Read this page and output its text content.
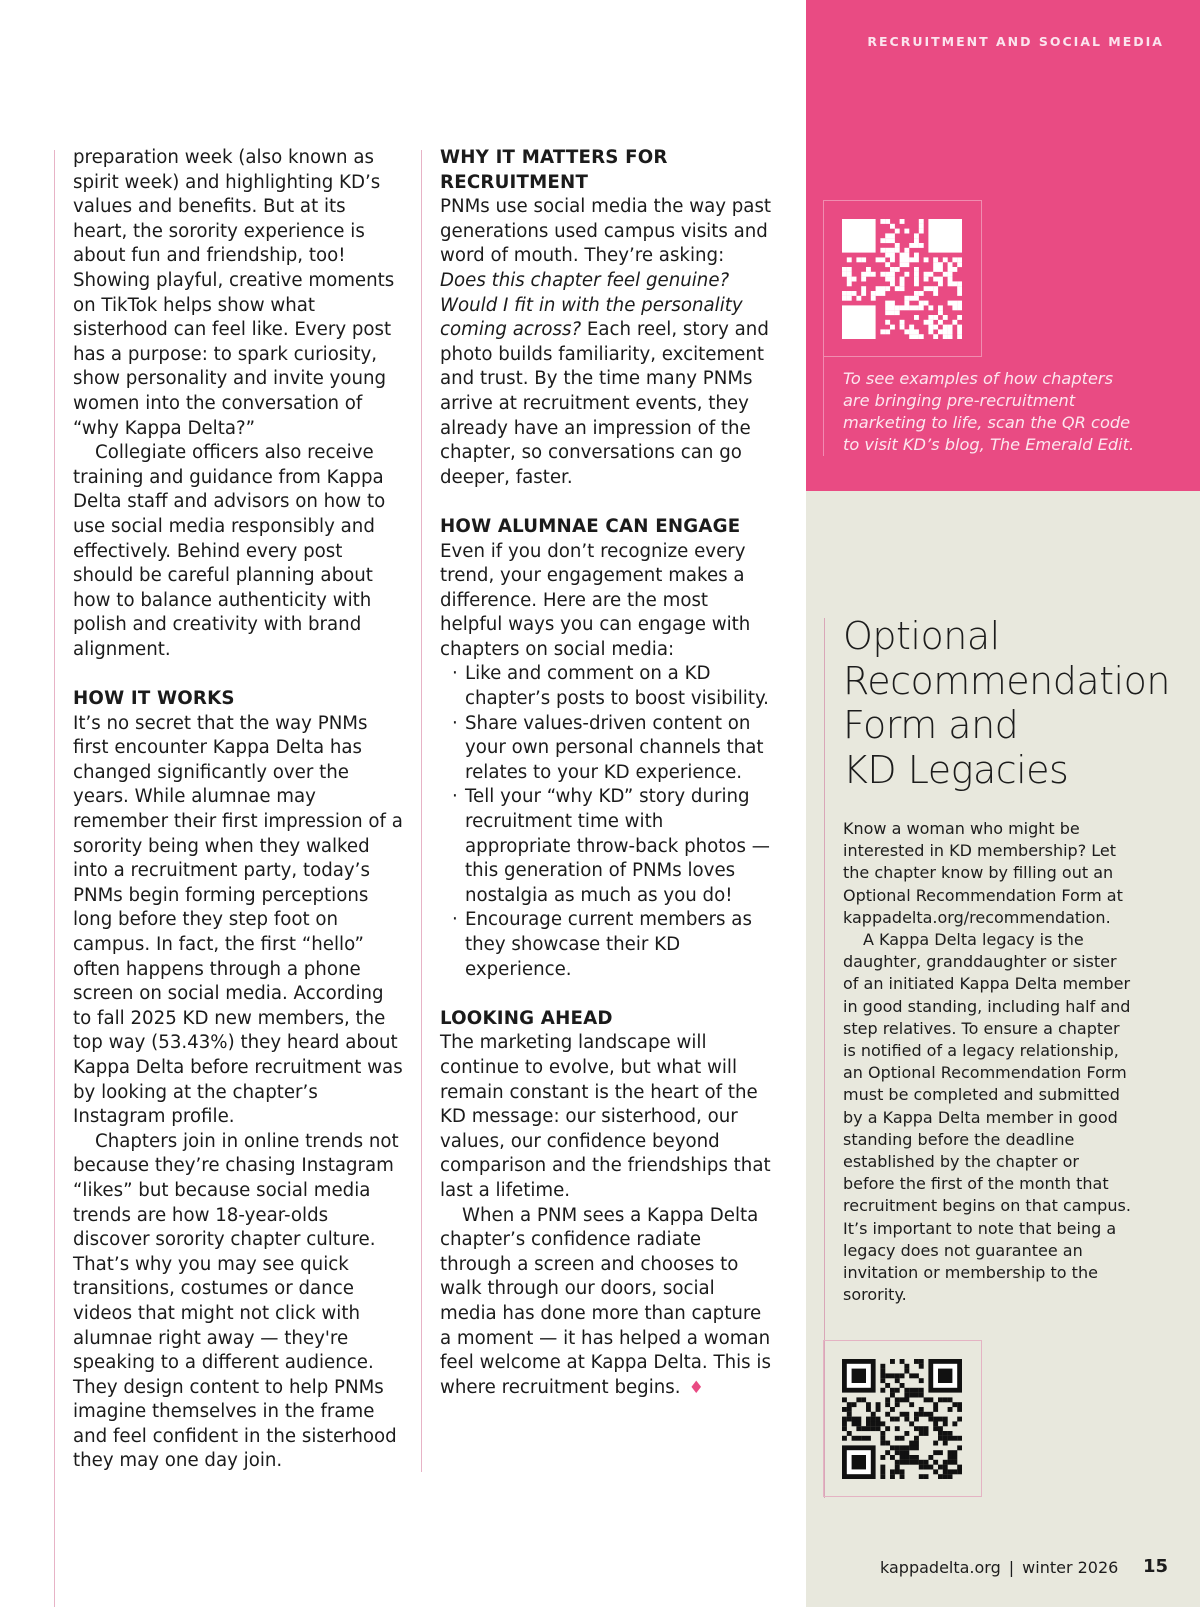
RECRUITMENT AND SOCIAL MEDIA

preparation week (also known as spirit week) and highlighting KD’s values and benefits. But at its heart, the sorority experience is about fun and friendship, too! Showing playful, creative moments on TikTok helps show what sisterhood can feel like. Every post has a purpose: to spark curiosity, show personality and invite young women into the conversation of “why Kappa Delta?”

Collegiate officers also receive training and guidance from Kappa Delta staff and advisors on how to use social media responsibly and effectively. Behind every post should be careful planning about how to balance authenticity with polish and creativity with brand alignment.

HOW IT WORKS

It’s no secret that the way PNMs first encounter Kappa Delta has changed significantly over the years. While alumnae may remember their first impression of a sorority being when they walked into a recruitment party, today’s PNMs begin forming perceptions long before they step foot on campus. In fact, the first “hello” often happens through a phone screen on social media. According to fall 2025 KD new members, the top way (53.43%) they heard about Kappa Delta before recruitment was by looking at the chapter’s Instagram profile.

Chapters join in online trends not because they’re chasing Instagram “likes” but because social media trends are how 18-year-olds discover sorority chapter culture. That’s why you may see quick transitions, costumes or dance videos that might not click with alumnae right away — they're speaking to a different audience. They design content to help PNMs imagine themselves in the frame and feel confident in the sisterhood they may one day join.

WHY IT MATTERS FOR RECRUITMENT

PNMs use social media the way past generations used campus visits and word of mouth. They’re asking: Does this chapter feel genuine? Would I fit in with the personality coming across? Each reel, story and photo builds familiarity, excitement and trust. By the time many PNMs arrive at recruitment events, they already have an impression of the chapter, so conversations can go deeper, faster.

HOW ALUMNAE CAN ENGAGE

Even if you don’t recognize every trend, your engagement makes a difference. Here are the most helpful ways you can engage with chapters on social media:

· Like and comment on a KD chapter’s posts to boost visibility.
· Share values-driven content on your own personal channels that relates to your KD experience.
· Tell your “why KD” story during recruitment time with appropriate throw-back photos — this generation of PNMs loves nostalgia as much as you do!
· Encourage current members as they showcase their KD experience.
LOOKING AHEAD

The marketing landscape will continue to evolve, but what will remain constant is the heart of the KD message: our sisterhood, our values, our confidence beyond comparison and the friendships that last a lifetime.

When a PNM sees a Kappa Delta chapter’s confidence radiate through a screen and chooses to walk through our doors, social media has done more than capture a moment — it has helped a woman feel welcome at Kappa Delta. This is where recruitment begins. ♦

To see examples of how chapters are bringing pre-recruitment marketing to life, scan the QR code to visit KD’s blog, The Emerald Edit.
Optional
Recommendation
Form and
KD Legacies

Know a woman who might be interested in KD membership? Let the chapter know by filling out an Optional Recommendation Form at kappadelta.org/recommendation.

A Kappa Delta legacy is the daughter, granddaughter or sister of an initiated Kappa Delta member in good standing, including half and step relatives. To ensure a chapter is notified of a legacy relationship, an Optional Recommendation Form must be completed and submitted by a Kappa Delta member in good standing before the deadline established by the chapter or before the first of the month that recruitment begins on that campus. It’s important to note that being a legacy does not guarantee an invitation or membership to the sorority.

kappadelta.org | winter 2026 15
